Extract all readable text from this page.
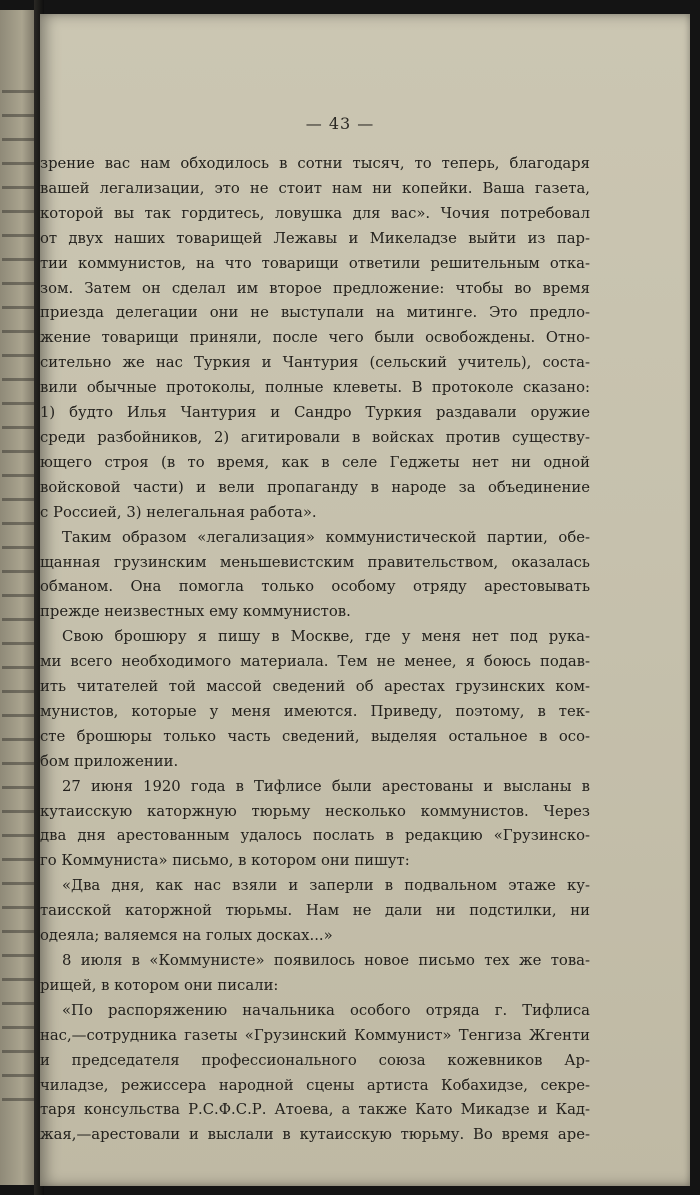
— 43 —
зрение вас нам обходилось в сотни тысяч, то теперь, благодаря
вашей легализации, это не стоит нам ни копейки. Ваша газета,
которой вы так гордитесь, ловушка для вас». Чочия потребовал
от двух наших товарищей Лежавы и Микеладзе выйти из пар-
тии коммунистов, на что товарищи ответили решительным отка-
зом. Затем он сделал им второе предложение: чтобы во время
приезда делегации они не выступали на митинге. Это предло-
жение товарищи приняли, после чего были освобождены. Отно-
сительно же нас Туркия и Чантурия (сельский учитель), соста-
вили обычные протоколы, полные клеветы. В протоколе сказано:
1) будто Илья Чантурия и Сандро Туркия раздавали оружие
среди разбойников, 2) агитировали в войсках против существу-
ющего строя (в то время, как в селе Геджеты нет ни одной
войсковой части) и вели пропаганду в народе за объединение
с Россией, 3) нелегальная работа».
Таким образом «легализация» коммунистической партии, обе-
щанная грузинским меньшевистским правительством, оказалась
обманом. Она помогла только особому отряду арестовывать
прежде неизвестных ему коммунистов.
Свою брошюру я пишу в Москве, где у меня нет под рука-
ми всего необходимого материала. Тем не менее, я боюсь подав-
ить читателей той массой сведений об арестах грузинских ком-
мунистов, которые у меня имеются. Приведу, поэтому, в тек-
сте брошюры только часть сведений, выделяя остальное в осо-
бом приложении.
27 июня 1920 года в Тифлисе были арестованы и высланы в
кутаисскую каторжную тюрьму несколько коммунистов. Через
два дня арестованным удалось послать в редакцию «Грузинско-
го Коммуниста» письмо, в котором они пишут:
«Два дня, как нас взяли и заперли в подвальном этаже ку-
таисской каторжной тюрьмы. Нам не дали ни подстилки, ни
одеяла; валяемся на голых досках...»
8 июля в «Коммунисте» появилось новое письмо тех же това-
рищей, в котором они писали:
«По распоряжению начальника особого отряда г. Тифлиса
нас,—сотрудника газеты «Грузинский Коммунист» Тенгиза Жгенти
и председателя профессионального союза кожевников Ар-
чиладзе, режиссера народной сцены артиста Кобахидзе, секре-
таря консульства Р.С.Ф.С.Р. Атоева, а также Като Микадзе и Кад-
жая,—арестовали и выслали в кутаисскую тюрьму. Во время аре-
